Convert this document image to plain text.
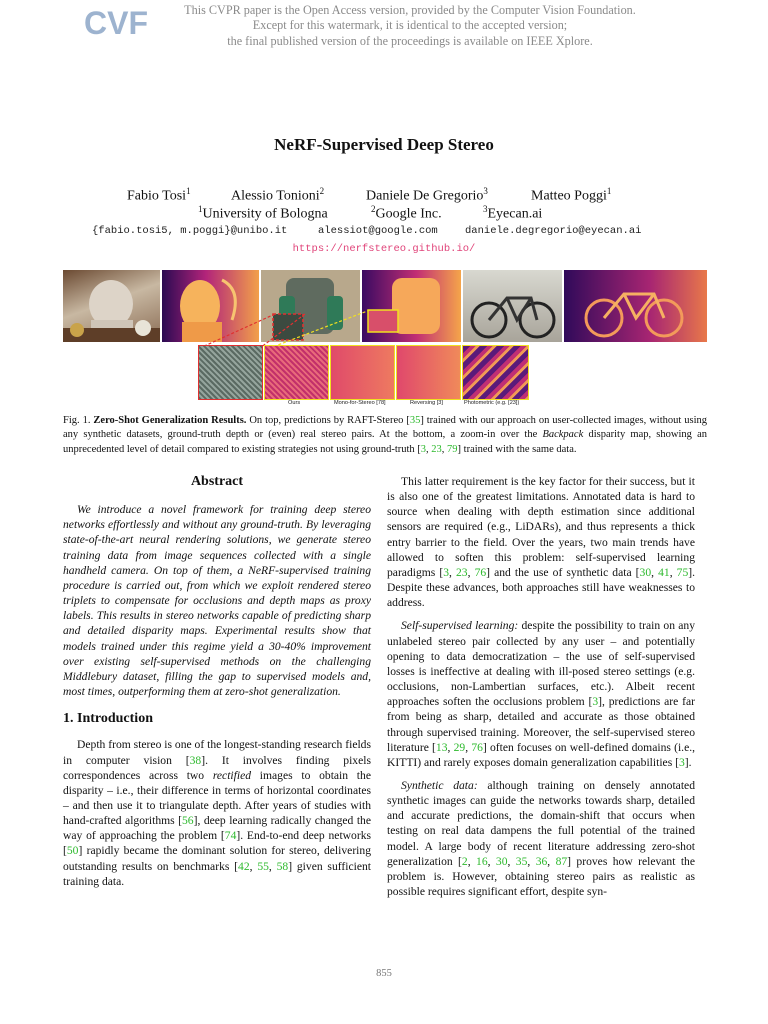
CVF	This CVPR paper is the Open Access version, provided by the Computer Vision Foundation.
Except for this watermark, it is identical to the accepted version;
the final published version of the proceedings is available on IEEE Xplore.
NeRF-Supervised Deep Stereo
Fabio Tosi$^1$	Alessio Tonioni$^2$	Daniele De Gregorio$^3$	Matteo Poggi$^1$
$^1$University of Bologna	$^2$Google Inc.	$^3$Eyecan.ai
{fabio.tosi5, m.poggi}@unibo.it	alessiot@google.com	daniele.degregorio@eyecan.ai
https://nerfstereo.github.io/
Ours	Mono-for-Stereo [78]	Reversing [3]	Photometric (e.g. [23])
Fig. 1. Zero-Shot Generalization Results. On top, predictions by RAFT-Stereo [35] trained with our approach on user-collected images, without using any synthetic datasets, ground-truth depth or (even) real stereo pairs. At the bottom, a zoom-in over the Backpack disparity map, showing an unprecedented level of detail compared to existing strategies not using ground-truth [3, 23, 79] trained with the same data.
Abstract

We introduce a novel framework for training deep stereo networks effortlessly and without any ground-truth. By leveraging state-of-the-art neural rendering solutions, we generate stereo training data from image sequences collected with a single handheld camera. On top of them, a NeRF-supervised training procedure is carried out, from which we exploit rendered stereo triplets to compensate for occlusions and depth maps as proxy labels. This results in stereo networks capable of predicting sharp and detailed disparity maps. Experimental results show that models trained under this regime yield a 30-40% improvement over existing self-supervised methods on the challenging Middlebury dataset, filling the gap to supervised models and, most times, outperforming them at zero-shot generalization.

1. Introduction

Depth from stereo is one of the longest-standing research fields in computer vision [38]. It involves finding pixels correspondences across two rectified images to obtain the disparity – i.e., their difference in terms of horizontal coordinates – and then use it to triangulate depth. After years of studies with hand-crafted algorithms [56], deep learning radically changed the way of approaching the problem [74]. End-to-end deep networks [50] rapidly became the dominant solution for stereo, delivering outstanding results on benchmarks [42, 55, 58] given sufficient training data.

This latter requirement is the key factor for their success, but it is also one of the greatest limitations. Annotated data is hard to source when dealing with depth estimation since additional sensors are required (e.g., LiDARs), and thus represents a thick entry barrier to the field. Over the years, two main trends have allowed to soften this problem: self-supervised learning paradigms [3, 23, 76] and the use of synthetic data [30, 41, 75]. Despite these advances, both approaches still have weaknesses to address.

Self-supervised learning: despite the possibility to train on any unlabeled stereo pair collected by any user – and potentially opening to data democratization – the use of self-supervised losses is ineffective at dealing with ill-posed stereo settings (e.g. occlusions, non-Lambertian surfaces, etc.). Albeit recent approaches soften the occlusions problem [3], predictions are far from being as sharp, detailed and accurate as those obtained through supervised training. Moreover, the self-supervised stereo literature [13, 29, 76] often focuses on well-defined domains (i.e., KITTI) and rarely exposes domain generalization capabilities [3].

Synthetic data: although training on densely annotated synthetic images can guide the networks towards sharp, detailed and accurate predictions, the domain-shift that occurs when testing on real data dampens the full potential of the trained model. A large body of recent literature addressing zero-shot generalization [2, 16, 30, 35, 36, 87] proves how relevant the problem is. However, obtaining stereo pairs as realistic as possible requires significant effort, despite syn-

855
